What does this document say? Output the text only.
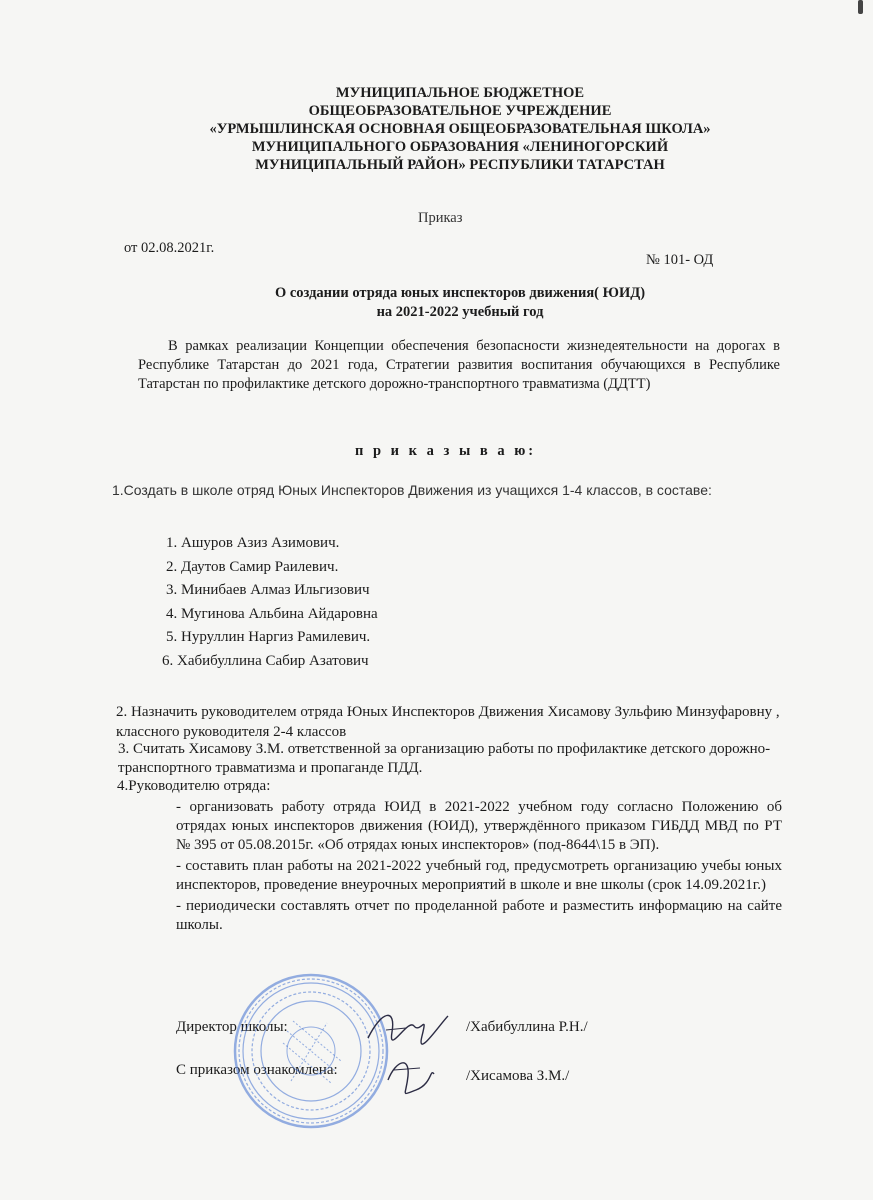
МУНИЦИПАЛЬНОЕ БЮДЖЕТНОЕ
ОБЩЕОБРАЗОВАТЕЛЬНОЕ УЧРЕЖДЕНИЕ
«УРМЫШЛИНСКАЯ ОСНОВНАЯ ОБЩЕОБРАЗОВАТЕЛЬНАЯ ШКОЛА»
МУНИЦИПАЛЬНОГО ОБРАЗОВАНИЯ «ЛЕНИНОГОРСКИЙ
МУНИЦИПАЛЬНЫЙ РАЙОН» РЕСПУБЛИКИ ТАТАРСТАН
Приказ
от 02.08.2021г.
№ 101- ОД
О создании отряда юных инспекторов движения( ЮИД)
на 2021-2022 учебный год
В рамках реализации Концепции обеспечения безопасности жизнедеятельности на дорогах в Республике Татарстан до 2021 года, Стратегии развития воспитания обучающихся в Республике Татарстан по профилактике детского дорожно-транспортного травматизма (ДДТТ)
п р и к а з ы в а ю:
1.Создать в школе отряд Юных Инспекторов Движения из учащихся 1-4 классов, в составе:
1. Ашуров Азиз Азимович.
2. Даутов Самир Раилевич.
3. Минибаев Алмаз Ильгизович
4. Мугинова Альбина Айдаровна
5. Нуруллин Наргиз Рамилевич.
6. Хабибуллина Сабир Азатович
2. Назначить руководителем отряда Юных Инспекторов Движения Хисамову Зульфию Минзуфаровну , классного руководителя 2-4 классов
3. Считать Хисамову З.М. ответственной за организацию работы по профилактике детского дорожно-транспортного травматизма и пропаганде ПДД.
4.Руководителю отряда:

- организовать работу отряда ЮИД в 2021-2022 учебном году согласно Положению об отрядах юных инспекторов движения (ЮИД), утверждённого приказом ГИБДД МВД по РТ № 395 от 05.08.2015г. «Об отрядах юных инспекторов» (под-8644\15 в ЭП).

- составить план работы на 2021-2022 учебный год, предусмотреть организацию учебы юных инспекторов, проведение внеурочных мероприятий в школе и вне школы (срок 14.09.2021г.)

- периодически составлять отчет по проделанной работе и разместить информацию на сайте школы.

Директор школы:	/Хабибуллина Р.Н./
С приказом ознакомлена:	/Хисамова З.М./
